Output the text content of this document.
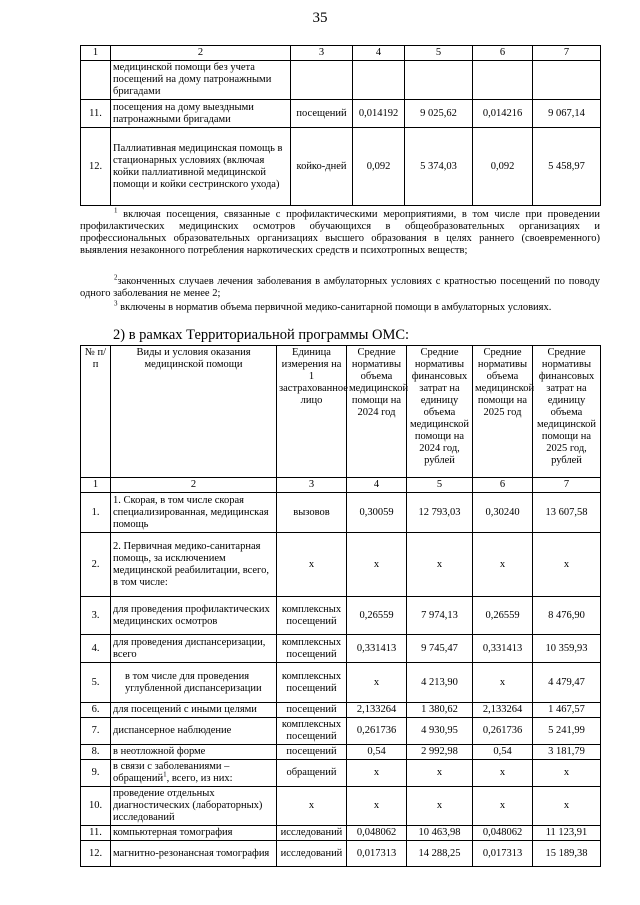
35
1	2	3	4	5	6	7
	медицинской помощи без учета посещений на дому патронажными бригадами					
11.	посещения на дому выездными патронажными бригадами	посещений	0,014192	9 025,62	0,014216	9 067,14
12.	Паллиативная медицинская помощь в стационарных условиях (включая койки паллиативной медицинской помощи и койки сестринского ухода)	койко-дней	0,092	5 374,03	0,092	5 458,97
$^1$ включая посещения, связанные с профилактическими мероприятиями, в том числе при проведении профилактических медицинских осмотров обучающихся в общеобразовательных организациях и профессиональных образовательных организациях высшего образования в целях раннего (своевременного) выявления незаконного потребления наркотических средств и психотропных веществ;
$^2$законченных случаев лечения заболевания в амбулаторных условиях с кратностью посещений по поводу одного заболевания не менее 2;
$^3$ включены в норматив объема первичной медико-санитарной помощи в амбулаторных условиях.
2) в рамках Территориальной программы ОМС:
№ п/п	Виды и условия оказания медицинской помощи	Единица измерения на 1 застрахованное лицо	Средние нормативы объема медицинской помощи на 2024 год	Средние нормативы финансовых затрат на единицу объема медицинской помощи на 2024 год, рублей	Средние нормативы объема медицинской помощи на 2025 год	Средние нормативы финансовых затрат на единицу объема медицинской помощи на 2025 год, рублей
1	2	3	4	5	6	7
1.	1. Скорая, в том числе скорая специализированная, медицинская помощь	вызовов	0,30059	12 793,03	0,30240	13 607,58
2.	2. Первичная медико-санитарная помощь, за исключением медицинской реабилитации, всего, в том числе:	х	х	х	х	х
3.	для проведения профилактических медицинских осмотров	комплексных посещений	0,26559	7 974,13	0,26559	8 476,90
4.	для проведения диспансеризации, всего	комплексных посещений	0,331413	9 745,47	0,331413	10 359,93
5.	в том числе для проведения углубленной диспансеризации	комплексных посещений	х	4 213,90	х	4 479,47
6.	для посещений с иными целями	посещений	2,133264	1 380,62	2,133264	1 467,57
7.	диспансерное наблюдение	комплексных посещений	0,261736	4 930,95	0,261736	5 241,99
8.	в неотложной форме	посещений	0,54	2 992,98	0,54	3 181,79
9.	в связи с заболеваниями – обращений$^1$, всего, из них:	обращений	х	х	х	х
10.	проведение отдельных диагностических (лабораторных) исследований	х	х	х	х	х
11.	компьютерная томография	исследований	0,048062	10 463,98	0,048062	11 123,91
12.	магнитно-резонансная томография	исследований	0,017313	14 288,25	0,017313	15 189,38
